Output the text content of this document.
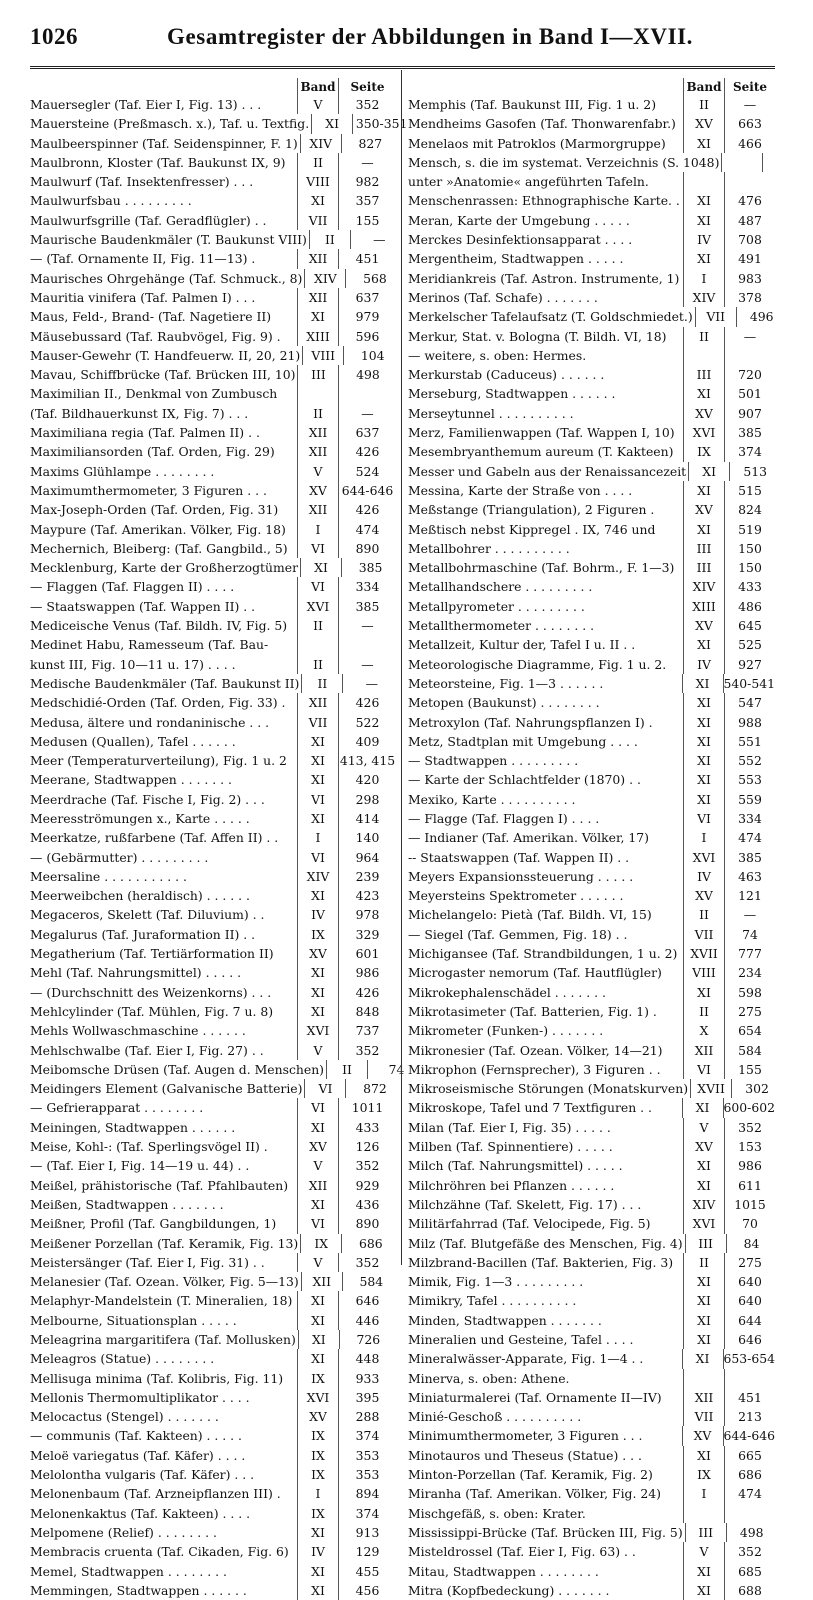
1026	Gesamtregister der Abbildungen in Band I—XVII.
Band	Seite
Mauersegler (Taf. Eier I, Fig. 13) . . .	V	352
Mauersteine (Preßmasch. x.), Taf. u. Textfig.	XI	350-351
Maulbeerspinner (Taf. Seidenspinner, F. 1) XIV	827
Maulbronn, Kloster (Taf. Baukunst IX, 9)	II	—
Maulwurf (Taf. Insektenfresser) . . .	VIII	982
Maulwurfsbau . . . . . . . . .	XI	357
Maulwurfsgrille (Taf. Geradflügler) . .	VII	155
Maurische Baudenkmäler (T. Baukunst VIII)	II	—
— (Taf. Ornamente II, Fig. 11—13) .	XII	451
Maurisches Ohrgehänge (Taf. Schmuck., 8) XIV	568
Mauritia vinifera (Taf. Palmen I) . . .	XII	637
Maus, Feld-, Brand- (Taf. Nagetiere II)	XI	979
Mäusebussard (Taf. Raubvögel, Fig. 9) .	XIII	596
Mauser-Gewehr (T. Handfeuerw. II, 20, 21) VIII	104
Mavau, Schiffbrücke (Taf. Brücken III, 10)	III	498
Maximilian II., Denkmal von Zumbusch
(Taf. Bildhauerkunst IX, Fig. 7) . . .	II	—
Maximiliana regia (Taf. Palmen II) . .	XII	637
Maximiliansorden (Taf. Orden, Fig. 29)	XII	426
Maxims Glühlampe . . . . . . . .	V	524
Maximumthermometer, 3 Figuren . . .	XV	644-646
Max-Joseph-Orden (Taf. Orden, Fig. 31)	XII	426
Maypure (Taf. Amerikan. Völker, Fig. 18)	I	474
Mechernich, Bleiberg: (Taf. Gangbild., 5)	VI	890
Mecklenburg, Karte der Großherzogtümer	XI	385
— Flaggen (Taf. Flaggen II) . . . .	VI	334
— Staatswappen (Taf. Wappen II) . .	XVI	385
Mediceische Venus (Taf. Bildh. IV, Fig. 5)	II	—
Medinet Habu, Ramesseum (Taf. Bau-
kunst III, Fig. 10—11 u. 17) . . . .	II	—
Medische Baudenkmäler (Taf. Baukunst II)	II	—
Medschidié-Orden (Taf. Orden, Fig. 33) .	XII	426
Medusa, ältere und rondaninische . . .	VII	522
Medusen (Quallen), Tafel . . . . . .	XI	409
Meer (Temperaturverteilung), Fig. 1 u. 2	XI	413, 415
Meerane, Stadtwappen . . . . . . .	XI	420
Meerdrache (Taf. Fische I, Fig. 2) . . .	VI	298
Meeresströmungen x., Karte . . . . .	XI	414
Meerkatze, rußfarbene (Taf. Affen II) . .	I	140
— (Gebärmutter) . . . . . . . . .	VI	964
Meersaline . . . . . . . . . . .	XIV	239
Meerweibchen (heraldisch) . . . . . .	XI	423
Megaceros, Skelett (Taf. Diluvium) . .	IV	978
Megalurus (Taf. Juraformation II) . .	IX	329
Megatherium (Taf. Tertiärformation II)	XV	601
Mehl (Taf. Nahrungsmittel) . . . . .	XI	986
— (Durchschnitt des Weizenkorns) . . .	XI	426
Mehlcylinder (Taf. Mühlen, Fig. 7 u. 8)	XI	848
Mehls Wollwaschmaschine . . . . . .	XVI	737
Mehlschwalbe (Taf. Eier I, Fig. 27) . .	V	352
Meibomsche Drüsen (Taf. Augen d. Menschen)	II	74
Meidingers Element (Galvanische Batterie)	VI	872
— Gefrierapparat . . . . . . . .	VI	1011
Meiningen, Stadtwappen . . . . . .	XI	433
Meise, Kohl-: (Taf. Sperlingsvögel II) .	XV	126
— (Taf. Eier I, Fig. 14—19 u. 44) . .	V	352
Meißel, prähistorische (Taf. Pfahlbauten)	XII	929
Meißen, Stadtwappen . . . . . . .	XI	436
Meißner, Profil (Taf. Gangbildungen, 1)	VI	890
Meißener Porzellan (Taf. Keramik, Fig. 13)	IX	686
Meistersänger (Taf. Eier I, Fig. 31) . .	V	352
Melanesier (Taf. Ozean. Völker, Fig. 5—13)	XII	584
Melaphyr-Mandelstein (T. Mineralien, 18)	XI	646
Melbourne, Situationsplan . . . . .	XI	446
Meleagrina margaritifera (Taf. Mollusken)	XI	726
Meleagros (Statue) . . . . . . . .	XI	448
Mellisuga minima (Taf. Kolibris, Fig. 11)	IX	933
Mellonis Thermomultiplikator . . . .	XVI	395
Melocactus (Stengel) . . . . . . .	XV	288
— communis (Taf. Kakteen) . . . . .	IX	374
Meloë variegatus (Taf. Käfer) . . . .	IX	353
Melolontha vulgaris (Taf. Käfer) . . .	IX	353
Melonenbaum (Taf. Arzneipflanzen III) .	I	894
Melonenkaktus (Taf. Kakteen) . . . .	IX	374
Melpomene (Relief) . . . . . . . .	XI	913
Membracis cruenta (Taf. Cikaden, Fig. 6)	IV	129
Memel, Stadtwappen . . . . . . . .	XI	455
Memmingen, Stadtwappen . . . . . .	XI	456
Band Seite
Memphis (Taf. Baukunst III, Fig. 1 u. 2)	II	—
Mendheims Gasofen (Taf. Thonwarenfabr.)	XV	663
Menelaos mit Patroklos (Marmorgruppe)	XI	466
Mensch, s. die im systemat. Verzeichnis (S. 1048)
unter »Anatomie« angeführten Tafeln.
Menschenrassen: Ethnographische Karte. .	XI	476
Meran, Karte der Umgebung . . . . .	XI	487
Merckes Desinfektionsapparat . . . .	IV	708
Mergentheim, Stadtwappen . . . . .	XI	491
Meridiankreis (Taf. Astron. Instrumente, 1)	I	983
Merinos (Taf. Schafe) . . . . . . .	XIV	378
Merkelscher Tafelaufsatz (T. Goldschmiedet.)	VII	496
Merkur, Stat. v. Bologna (T. Bildh. VI, 18)	II	—
— weitere, s. oben: Hermes.
Merkurstab (Caduceus) . . . . . .	III	720
Merseburg, Stadtwappen . . . . . .	XI	501
Merseytunnel . . . . . . . . . .	XV	907
Merz, Familienwappen (Taf. Wappen I, 10)	XVI	385
Mesembryanthemum aureum (T. Kakteen)	IX	374
Messer und Gabeln aus der Renaissancezeit	XI	513
Messina, Karte der Straße von . . . .	XI	515
Meßstange (Triangulation), 2 Figuren .	XV	824
Meßtisch nebst Kippregel . IX, 746 und	XI	519
Metallbohrer . . . . . . . . . .	III	150
Metallbohrmaschine (Taf. Bohrm., F. 1—3)	III	150
Metallhandschere . . . . . . . . .	XIV	433
Metallpyrometer . . . . . . . . .	XIII	486
Metallthermometer . . . . . . . .	XV	645
Metallzeit, Kultur der, Tafel I u. II . .	XI	525
Meteorologische Diagramme, Fig. 1 u. 2.	IV	927
Meteorsteine, Fig. 1—3 . . . . . .	XI	540-541
Metopen (Baukunst) . . . . . . . .	XI	547
Metroxylon (Taf. Nahrungspflanzen I) .	XI	988
Metz, Stadtplan mit Umgebung . . . .	XI	551
— Stadtwappen . . . . . . . . .	XI	552
— Karte der Schlachtfelder (1870) . .	XI	553
Mexiko, Karte . . . . . . . . . .	XI	559
— Flagge (Taf. Flaggen I) . . . .	VI	334
— Indianer (Taf. Amerikan. Völker, 17)	I	474
-- Staatswappen (Taf. Wappen II) . .	XVI	385
Meyers Expansionssteuerung . . . . .	IV	463
Meyersteins Spektrometer . . . . . .	XV	121
Michelangelo: Pietà (Taf. Bildh. VI, 15)	II	—
— Siegel (Taf. Gemmen, Fig. 18) . .	VII	74
Michigansee (Taf. Strandbildungen, 1 u. 2)	XVII	777
Microgaster nemorum (Taf. Hautflügler)	VIII	234
Mikrokephalenschädel . . . . . . .	XI	598
Mikrotasimeter (Taf. Batterien, Fig. 1) .	II	275
Mikrometer (Funken-) . . . . . . .	X	654
Mikronesier (Taf. Ozean. Völker, 14—21)	XII	584
Mikrophon (Fernsprecher), 3 Figuren . .	VI	155
Mikroseismische Störungen (Monatskurven) XVII	302
Mikroskope, Tafel und 7 Textfiguren . .	XI	600-602
Milan (Taf. Eier I, Fig. 35) . . . . .	V	352
Milben (Taf. Spinnentiere) . . . . .	XV	153
Milch (Taf. Nahrungsmittel) . . . . .	XI	986
Milchröhren bei Pflanzen . . . . . .	XI	611
Milchzähne (Taf. Skelett, Fig. 17) . . .	XIV	1015
Militärfahrrad (Taf. Velocipede, Fig. 5)	XVI	70
Milz (Taf. Blutgefäße des Menschen, Fig. 4)	III	84
Milzbrand-Bacillen (Taf. Bakterien, Fig. 3)	II	275
Mimik, Fig. 1—3 . . . . . . . . .	XI	640
Mimikry, Tafel . . . . . . . . . .	XI	640
Minden, Stadtwappen . . . . . . .	XI	644
Mineralien und Gesteine, Tafel . . . .	XI	646
Mineralwässer-Apparate, Fig. 1—4 . .	XI	653-654
Minerva, s. oben: Athene.
Miniaturmalerei (Taf. Ornamente II—IV)	XII	451
Minié-Geschoß . . . . . . . . . .	VII	213
Minimumthermometer, 3 Figuren . . .	XV 644-646
Minotauros und Theseus (Statue) . . .	XI	665
Minton-Porzellan (Taf. Keramik, Fig. 2)	IX	686
Miranha (Taf. Amerikan. Völker, Fig. 24)	I	474
Mischgefäß, s. oben: Krater.
Mississippi-Brücke (Taf. Brücken III, Fig. 5)	III	498
Misteldrossel (Taf. Eier I, Fig. 63) . .	V	352
Mitau, Stadtwappen . . . . . . . .	XI	685
Mitra (Kopfbedeckung) . . . . . . .	XI	688
